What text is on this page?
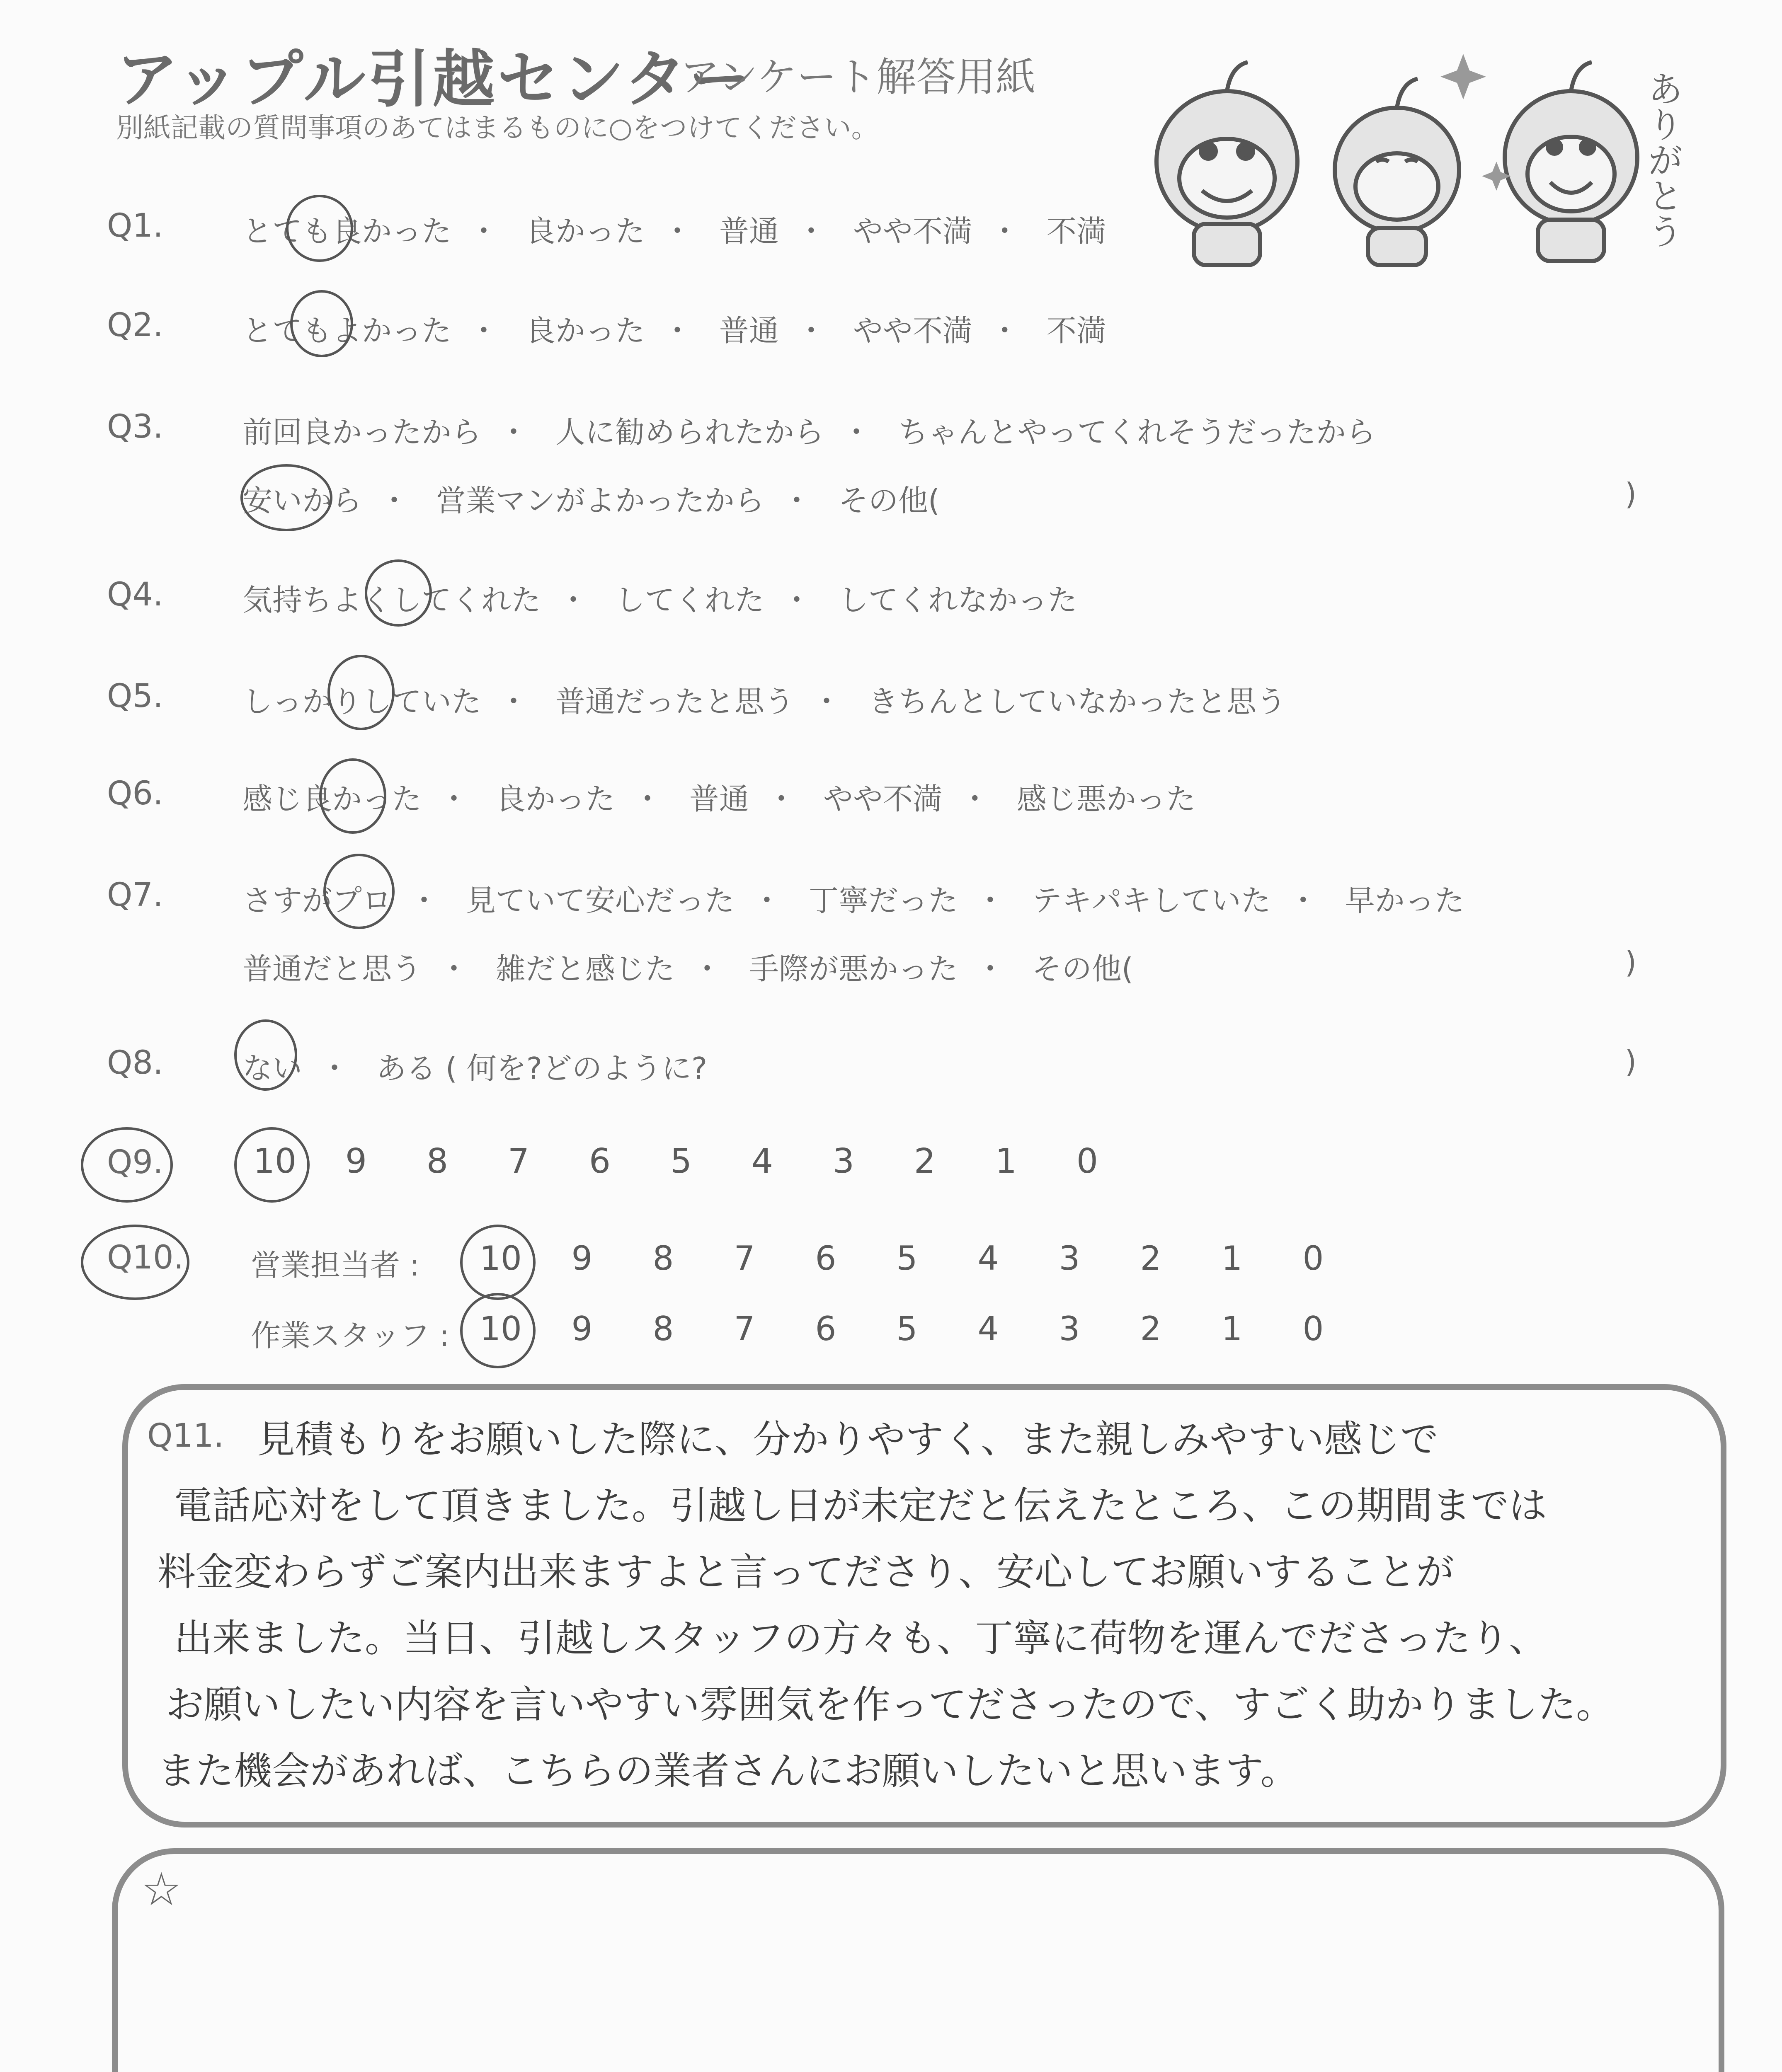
アップル引越センター
アンケート解答用紙
別紙記載の質問事項のあてはまるものに○をつけてください。	ありがとう
Q1.	とても良かった ・ 良かった ・ 普通 ・ やや不満 ・ 不満
Q2.	とてもよかった ・ 良かった ・ 普通 ・ やや不満 ・ 不満
Q3.	前回良かったから ・ 人に勧められたから ・ ちゃんとやってくれそうだったから
安いから ・ 営業マンがよかったから ・ その他(	)
Q4.	気持ちよくしてくれた ・ してくれた ・ してくれなかった
Q5.	しっかりしていた ・ 普通だったと思う ・ きちんとしていなかったと思う
Q6.	感じ良かった ・ 良かった ・ 普通 ・ やや不満 ・ 感じ悪かった
Q7.	さすがプロ ・ 見ていて安心だった ・ 丁寧だった ・ テキパキしていた ・ 早かった
普通だと思う ・ 雑だと感じた ・ 手際が悪かった ・ その他(	)
Q8.	ない ・ ある ( 何を?どのように?	)
Q9.	10 9 8 7 6 5 4 3 2 1 0
Q10. 営業担当者 :	10 9 8 7 6 5 4 3 2 1 0
作業スタッフ : 10 9 8 7 6 5 4 3 2 1 0
Q11. 見積もりをお願いした際に、分かりやすく、また親しみやすい感じで
電話応対をして頂きました。引越し日が未定だと伝えたところ、この期間までは
料金変わらずご案内出来ますよと言ってださり、安心してお願いすることが
出来ました。当日、引越しスタッフの方々も、丁寧に荷物を運んでださったり、
お願いしたい内容を言いやすい雰囲気を作ってださったので、すごく助かりました。
また機会があれば、こちらの業者さんにお願いしたいと思います。
☆
